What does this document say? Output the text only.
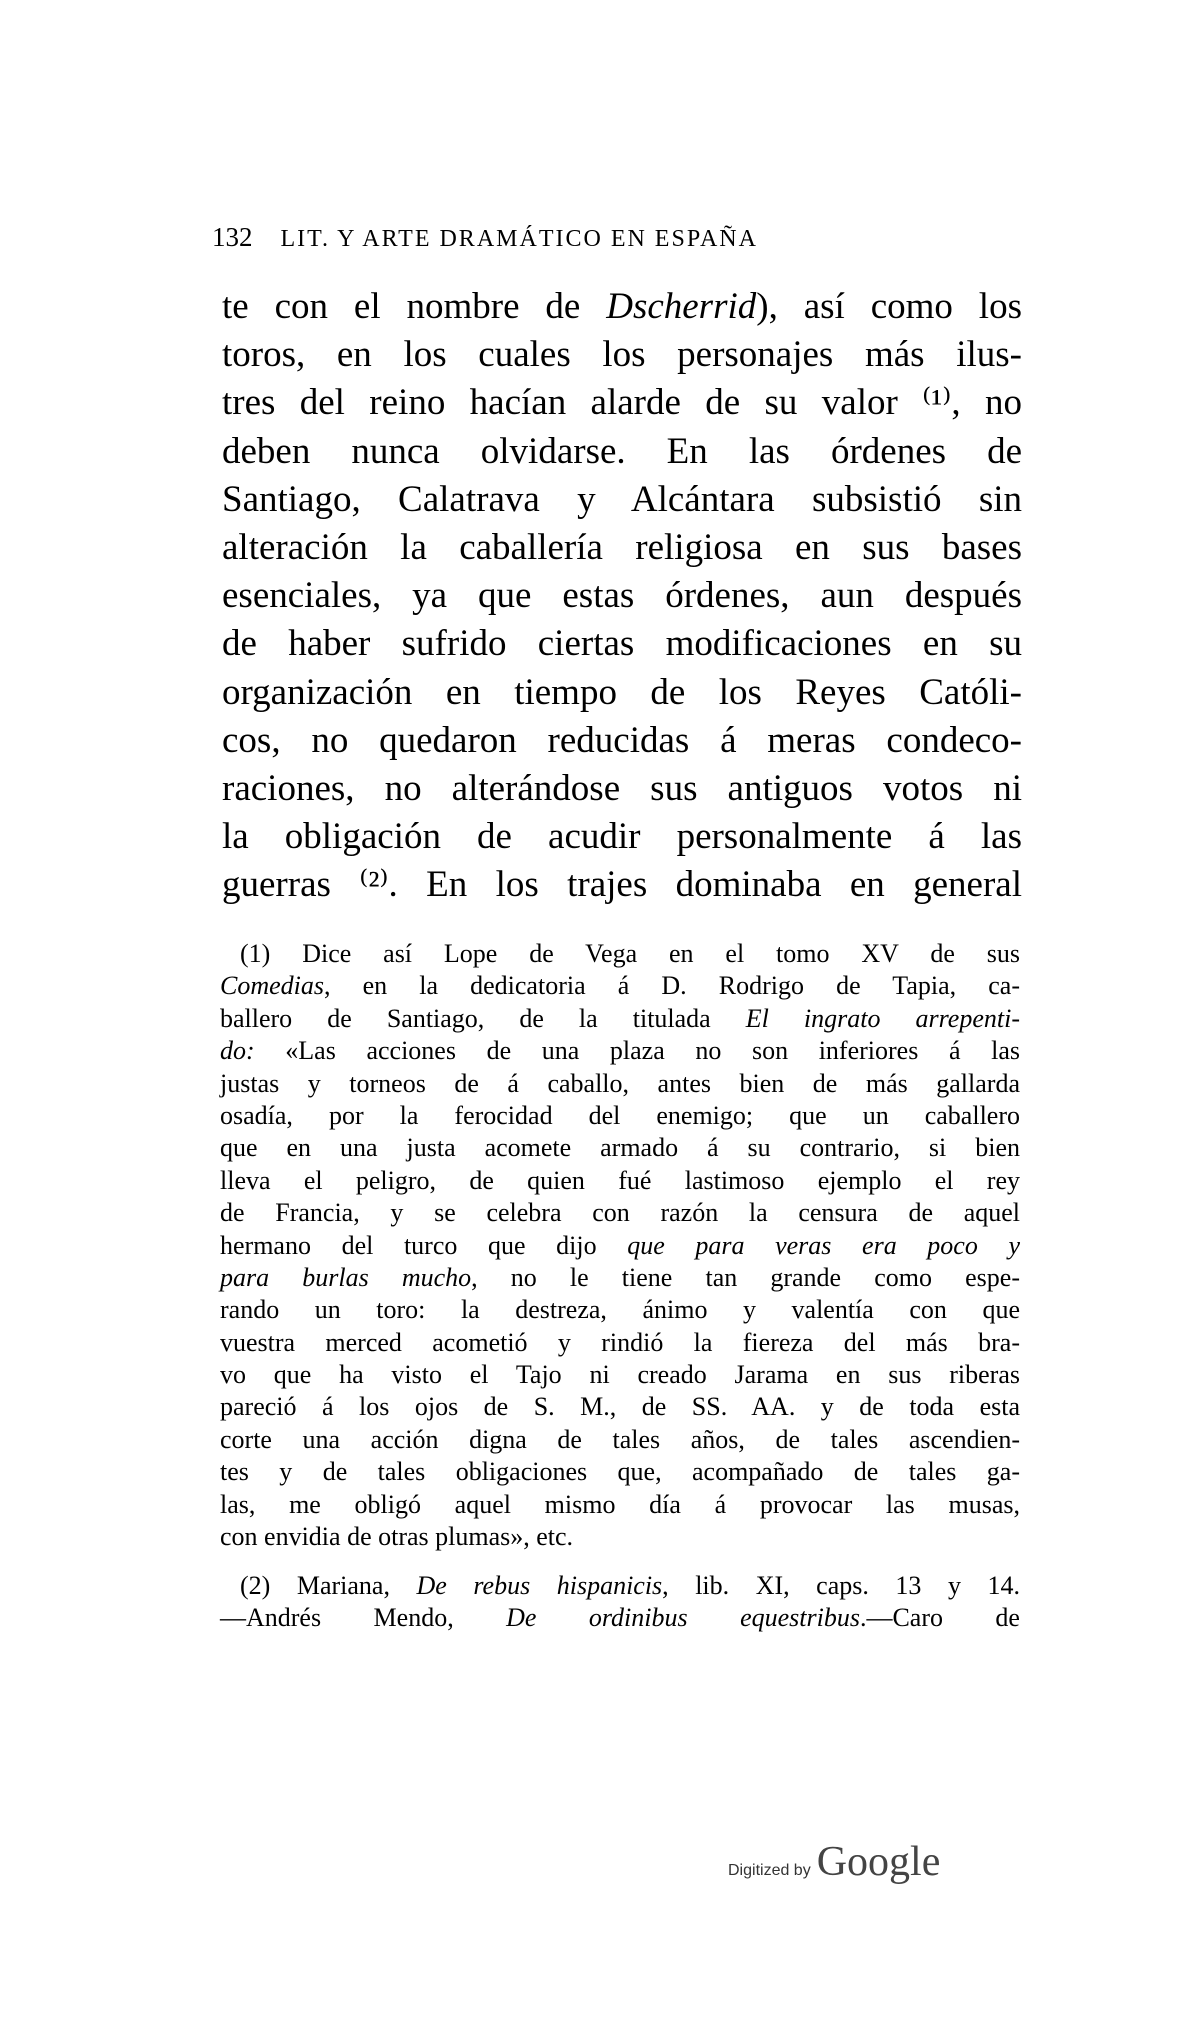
132 LIT. Y ARTE DRAMÁTICO EN ESPAÑA
te con el nombre de Dscherrid), así como los
toros, en los cuales los personajes más ilus-
tres del reino hacían alarde de su valor ⁽¹⁾, no
deben nunca olvidarse. En las órdenes de
Santiago, Calatrava y Alcántara subsistió sin
alteración la caballería religiosa en sus bases
esenciales, ya que estas órdenes, aun después
de haber sufrido ciertas modificaciones en su
organización en tiempo de los Reyes Católi-
cos, no quedaron reducidas á meras condeco-
raciones, no alterándose sus antiguos votos ni
la obligación de acudir personalmente á las
guerras ⁽²⁾. En los trajes dominaba en general
(1) Dice así Lope de Vega en el tomo XV de sus
Comedias, en la dedicatoria á D. Rodrigo de Tapia, ca-
ballero de Santiago, de la titulada El ingrato arrepenti-
do: «Las acciones de una plaza no son inferiores á las
justas y torneos de á caballo, antes bien de más gallarda
osadía, por la ferocidad del enemigo; que un caballero
que en una justa acomete armado á su contrario, si bien
lleva el peligro, de quien fué lastimoso ejemplo el rey
de Francia, y se celebra con razón la censura de aquel
hermano del turco que dijo que para veras era poco y
para burlas mucho, no le tiene tan grande como espe-
rando un toro: la destreza, ánimo y valentía con que
vuestra merced acometió y rindió la fiereza del más bra-
vo que ha visto el Tajo ni creado Jarama en sus riberas
pareció á los ojos de S. M., de SS. AA. y de toda esta
corte una acción digna de tales años, de tales ascendien-
tes y de tales obligaciones que, acompañado de tales ga-
las, me obligó aquel mismo día á provocar las musas,
con envidia de otras plumas», etc.
(2) Mariana, De rebus hispanicis, lib. XI, caps. 13 y 14.
—Andrés Mendo, De ordinibus equestribus.—Caro de
Digitized by Google
